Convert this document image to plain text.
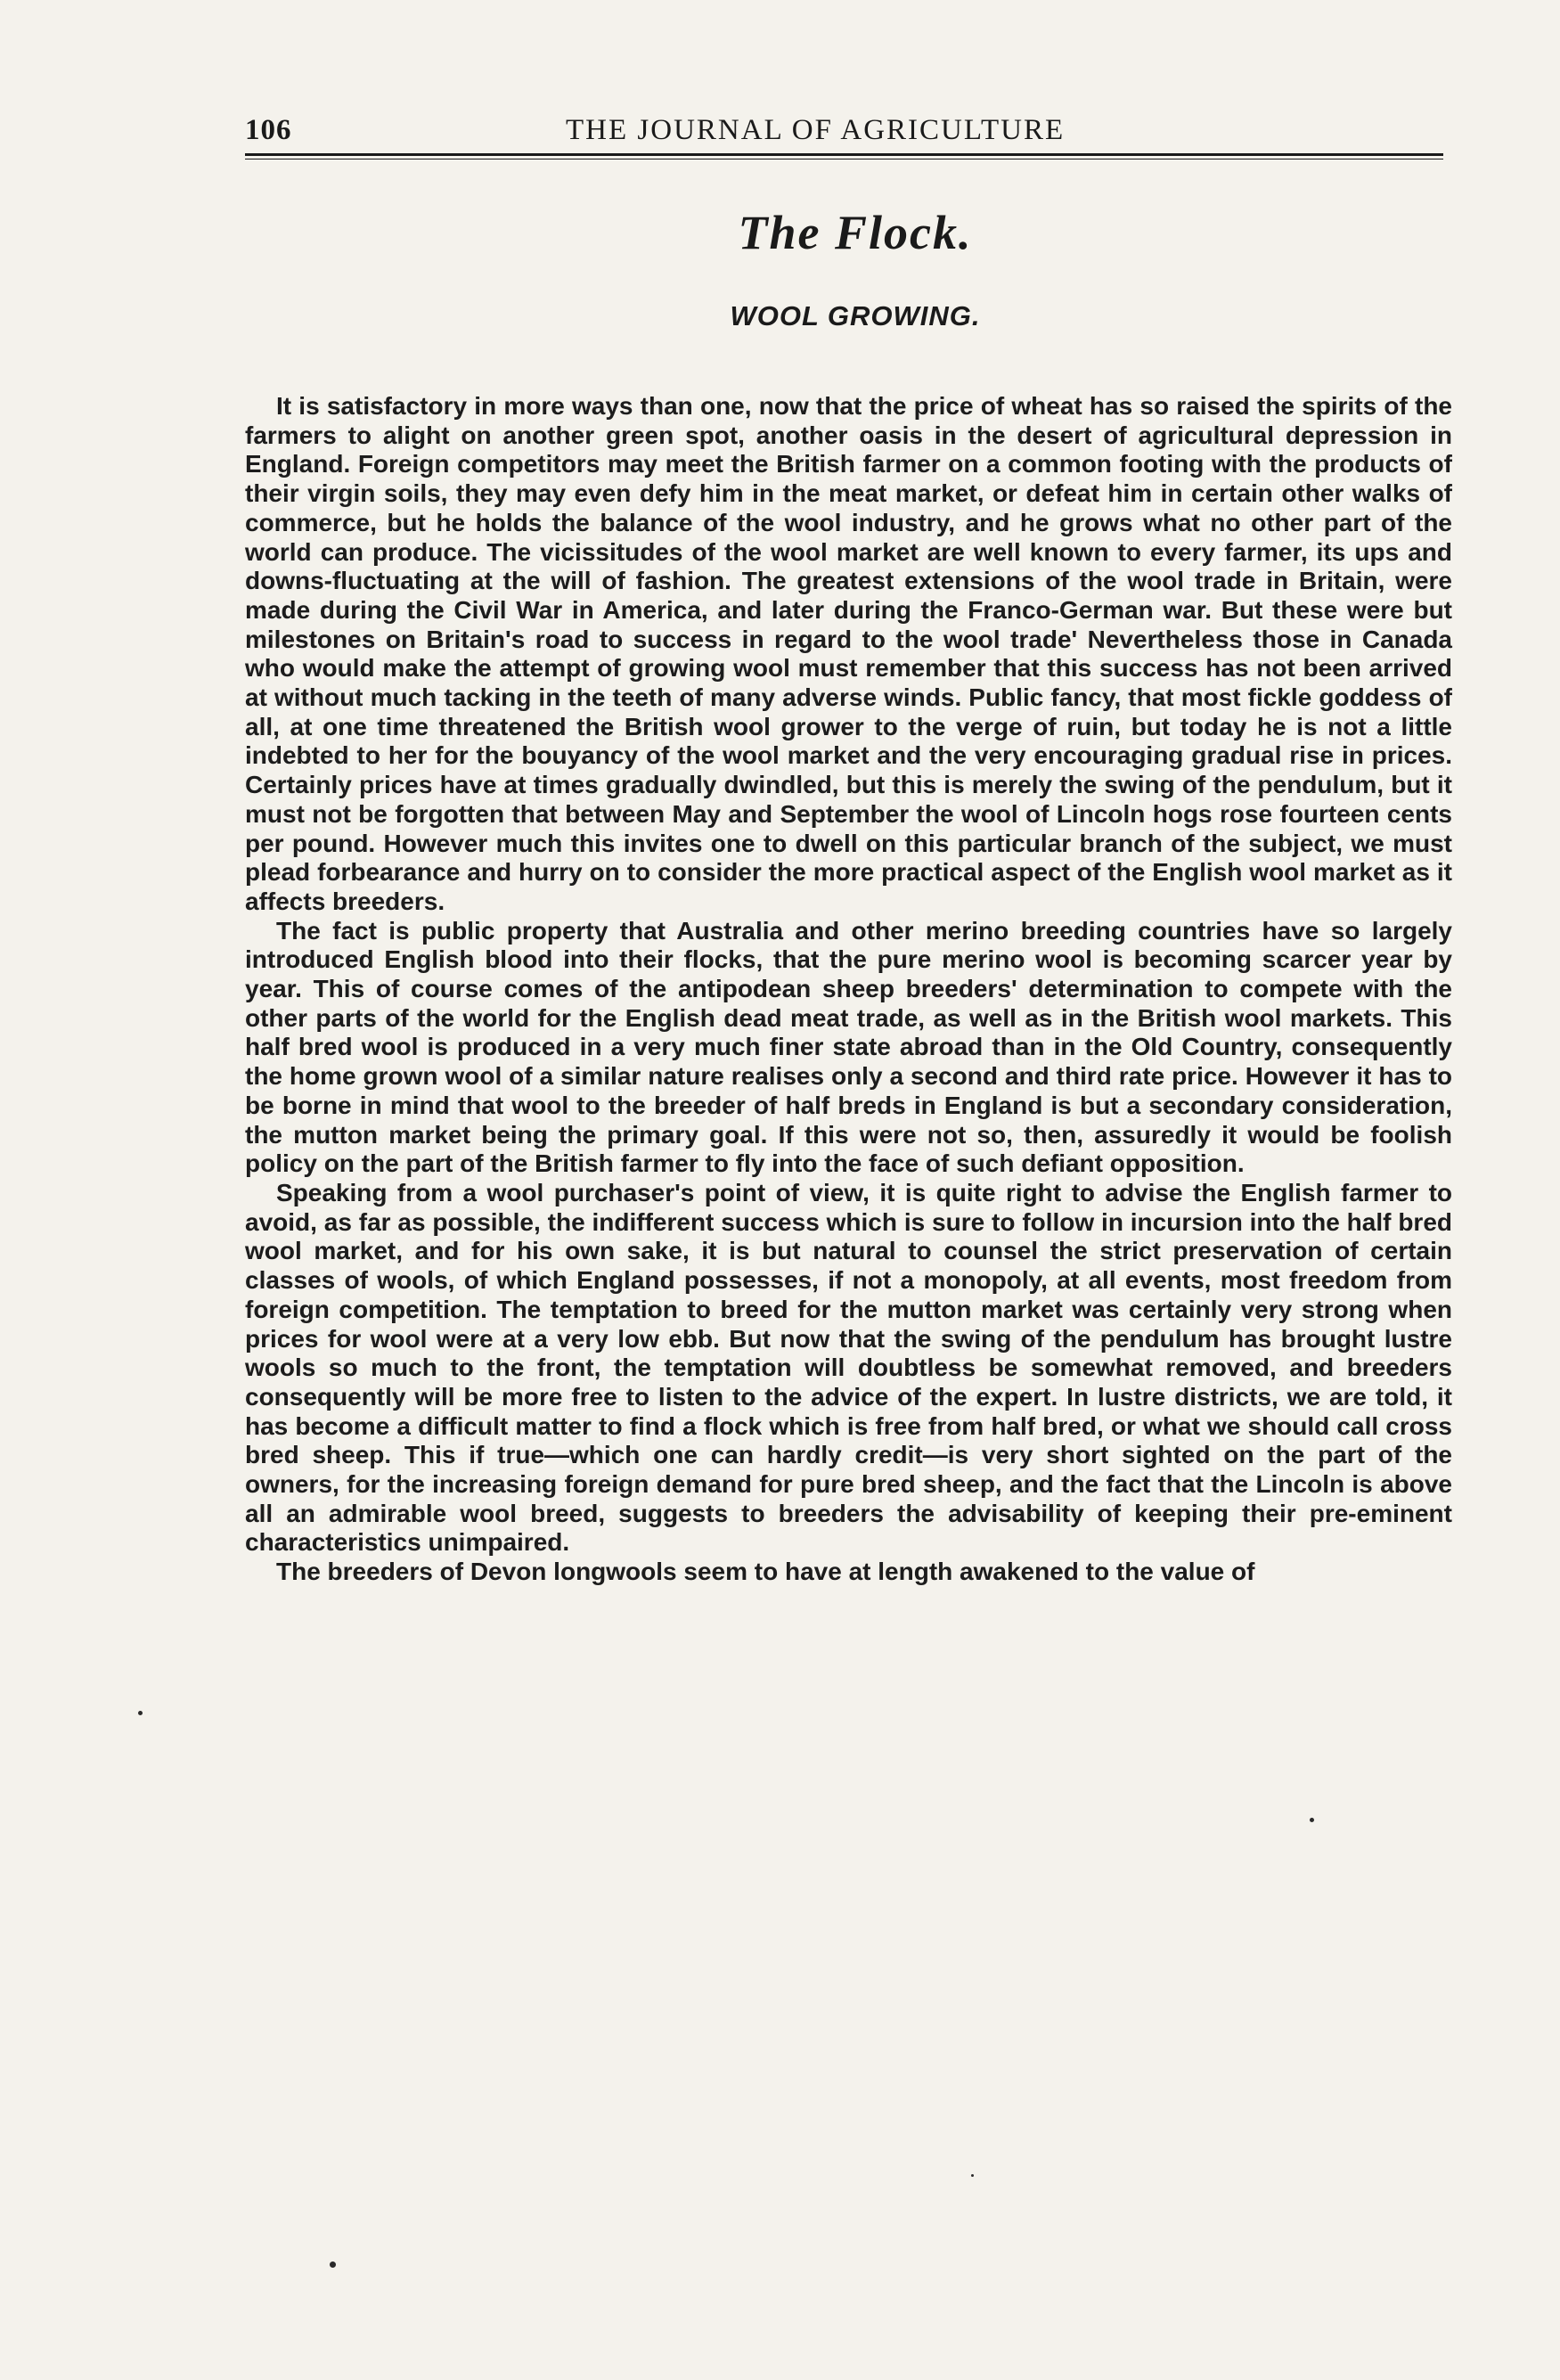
106	THE JOURNAL OF AGRICULTURE
The Flock.
WOOL GROWING.

It is satisfactory in more ways than one, now that the price of wheat has so raised the spirits of the farmers to alight on another green spot, another oasis in the desert of agricultural depression in England. Foreign competitors may meet the British farmer on a common footing with the products of their virgin soils, they may even defy him in the meat market, or defeat him in certain other walks of commerce, but he holds the balance of the wool industry, and he grows what no other part of the world can produce. The vicissitudes of the wool market are well known to every farmer, its ups and downs-fluctuating at the will of fashion. The greatest extensions of the wool trade in Britain, were made during the Civil War in America, and later during the Franco-German war. But these were but milestones on Britain's road to success in regard to the wool trade' Nevertheless those in Canada who would make the attempt of growing wool must remember that this success has not been arrived at without much tacking in the teeth of many adverse winds. Public fancy, that most fickle goddess of all, at one time threatened the British wool grower to the verge of ruin, but today he is not a little indebted to her for the bouyancy of the wool market and the very encouraging gradual rise in prices. Certainly prices have at times gradually dwindled, but this is merely the swing of the pendulum, but it must not be forgotten that between May and September the wool of Lincoln hogs rose fourteen cents per pound. However much this invites one to dwell on this particular branch of the subject, we must plead forbearance and hurry on to consider the more practical aspect of the English wool market as it affects breeders.

The fact is public property that Australia and other merino breeding countries have so largely introduced English blood into their flocks, that the pure merino wool is becoming scarcer year by year. This of course comes of the antipodean sheep breeders' determination to compete with the other parts of the world for the English dead meat trade, as well as in the British wool markets. This half bred wool is produced in a very much finer state abroad than in the Old Country, consequently the home grown wool of a similar nature realises only a second and third rate price. However it has to be borne in mind that wool to the breeder of half breds in England is but a secondary consideration, the mutton market being the primary goal. If this were not so, then, assuredly it would be foolish policy on the part of the British farmer to fly into the face of such defiant opposition.

Speaking from a wool purchaser's point of view, it is quite right to advise the English farmer to avoid, as far as possible, the indifferent success which is sure to follow in incursion into the half bred wool market, and for his own sake, it is but natural to counsel the strict preservation of certain classes of wools, of which England possesses, if not a monopoly, at all events, most freedom from foreign competition. The temptation to breed for the mutton market was certainly very strong when prices for wool were at a very low ebb. But now that the swing of the pendulum has brought lustre wools so much to the front, the temptation will doubtless be somewhat removed, and breeders consequently will be more free to listen to the advice of the expert. In lustre districts, we are told, it has become a difficult matter to find a flock which is free from half bred, or what we should call cross bred sheep. This if true—which one can hardly credit—is very short sighted on the part of the owners, for the increasing foreign demand for pure bred sheep, and the fact that the Lincoln is above all an admirable wool breed, suggests to breeders the advisability of keeping their pre-eminent characteristics unimpaired.

The breeders of Devon longwools seem to have at length awakened to the value of
